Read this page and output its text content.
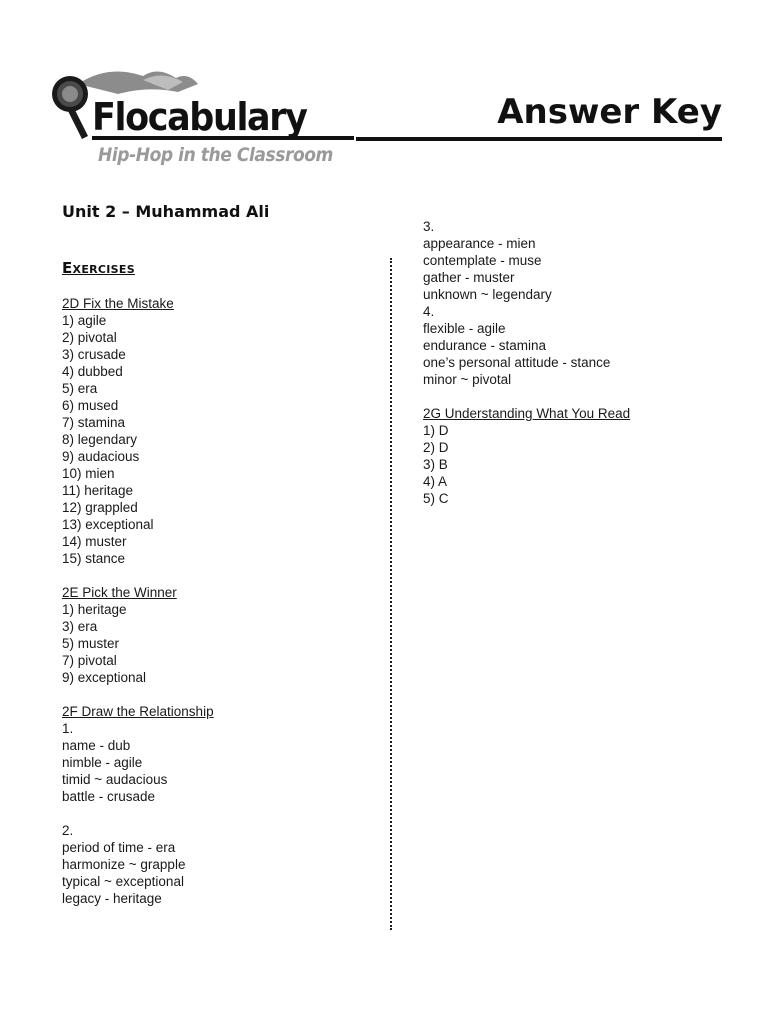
Flocabulary
Hip-Hop in the Classroom
Answer Key
Unit 2 – Muhammad Ali
Exercises
2D Fix the Mistake
1) agile
2) pivotal
3) crusade
4) dubbed
5) era
6) mused
7) stamina
8) legendary
9) audacious
10) mien
11) heritage
12) grappled
13) exceptional
14) muster
15) stance
2E Pick the Winner
1) heritage
3) era
5) muster
7) pivotal
9) exceptional
2F Draw the Relationship
1.
name - dub
nimble - agile
timid ~ audacious
battle - crusade
2.
period of time - era
harmonize ~ grapple
typical ~ exceptional
legacy - heritage
3.
appearance - mien
contemplate - muse
gather - muster
unknown ~ legendary
4.
flexible - agile
endurance - stamina
one’s personal attitude - stance
minor ~ pivotal
2G Understanding What You Read
1) D
2) D
3) B
4) A
5) C
